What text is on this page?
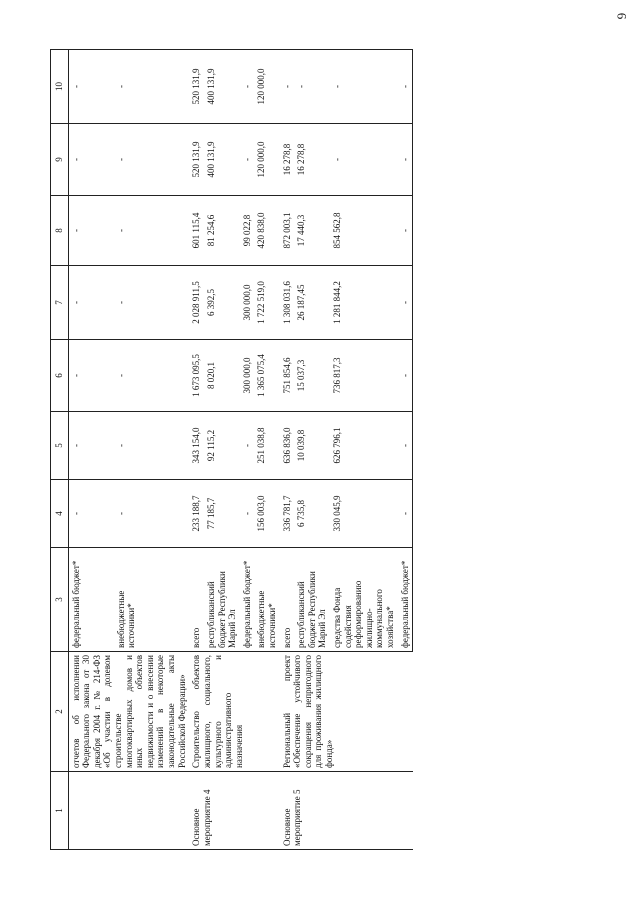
6
1	2	3	4	5	6	7	8	9	10
	отчетов об исполнении Федерального закона от 30 декабря 2004 г. № 214-ФЗ «Об участии в долевом строительстве многоквартирных домов и иных объектов недвижимости и о внесении изменений в некоторые законодательные акты Российской Федерации»	федеральный бюджет*	-	-	-	-	-	-	-
		внебюджетные источники*	-	-	-	-	-	-	-
Основное мероприятие 4	Строительство объектов жилищного, социального, культурного и административного назначения	всего	233 188,7	343 154,0	1 673 095,5	2 028 911,5	601 115,4	520 131,9	520 131,9
		республиканский бюджет Республики Марий Эл	77 185,7	92 115,2	8 020,1	6 392,5	81 254,6	400 131,9	400 131,9
		федеральный бюджет*	-	-	300 000,0	300 000,0	99 022,8	-	-
		внебюджетные источники*	156 003,0	251 038,8	1 365 075,4	1 722 519,0	420 838,0	120 000,0	120 000,0
Основное мероприятие 5	Региональный проект «Обеспечение устойчивого сокращения непригодного для проживания жилищного фонда»	всего	336 781,7	636 836,0	751 854,6	1 308 031,6	872 003,1	16 278,8	-
		республиканский бюджет Республики Марий Эл	6 735,8	10 039,8	15 037,3	26 187,45	17 440,3	16 278,8	-
		средства Фонда содействия реформированию жилищно-коммунального хозяйства*	330 045,9	626 796,1	736 817,3	1 281 844,2	854 562,8	-	-
		федеральный бюджет*	-	-	-	-	-	-	-
